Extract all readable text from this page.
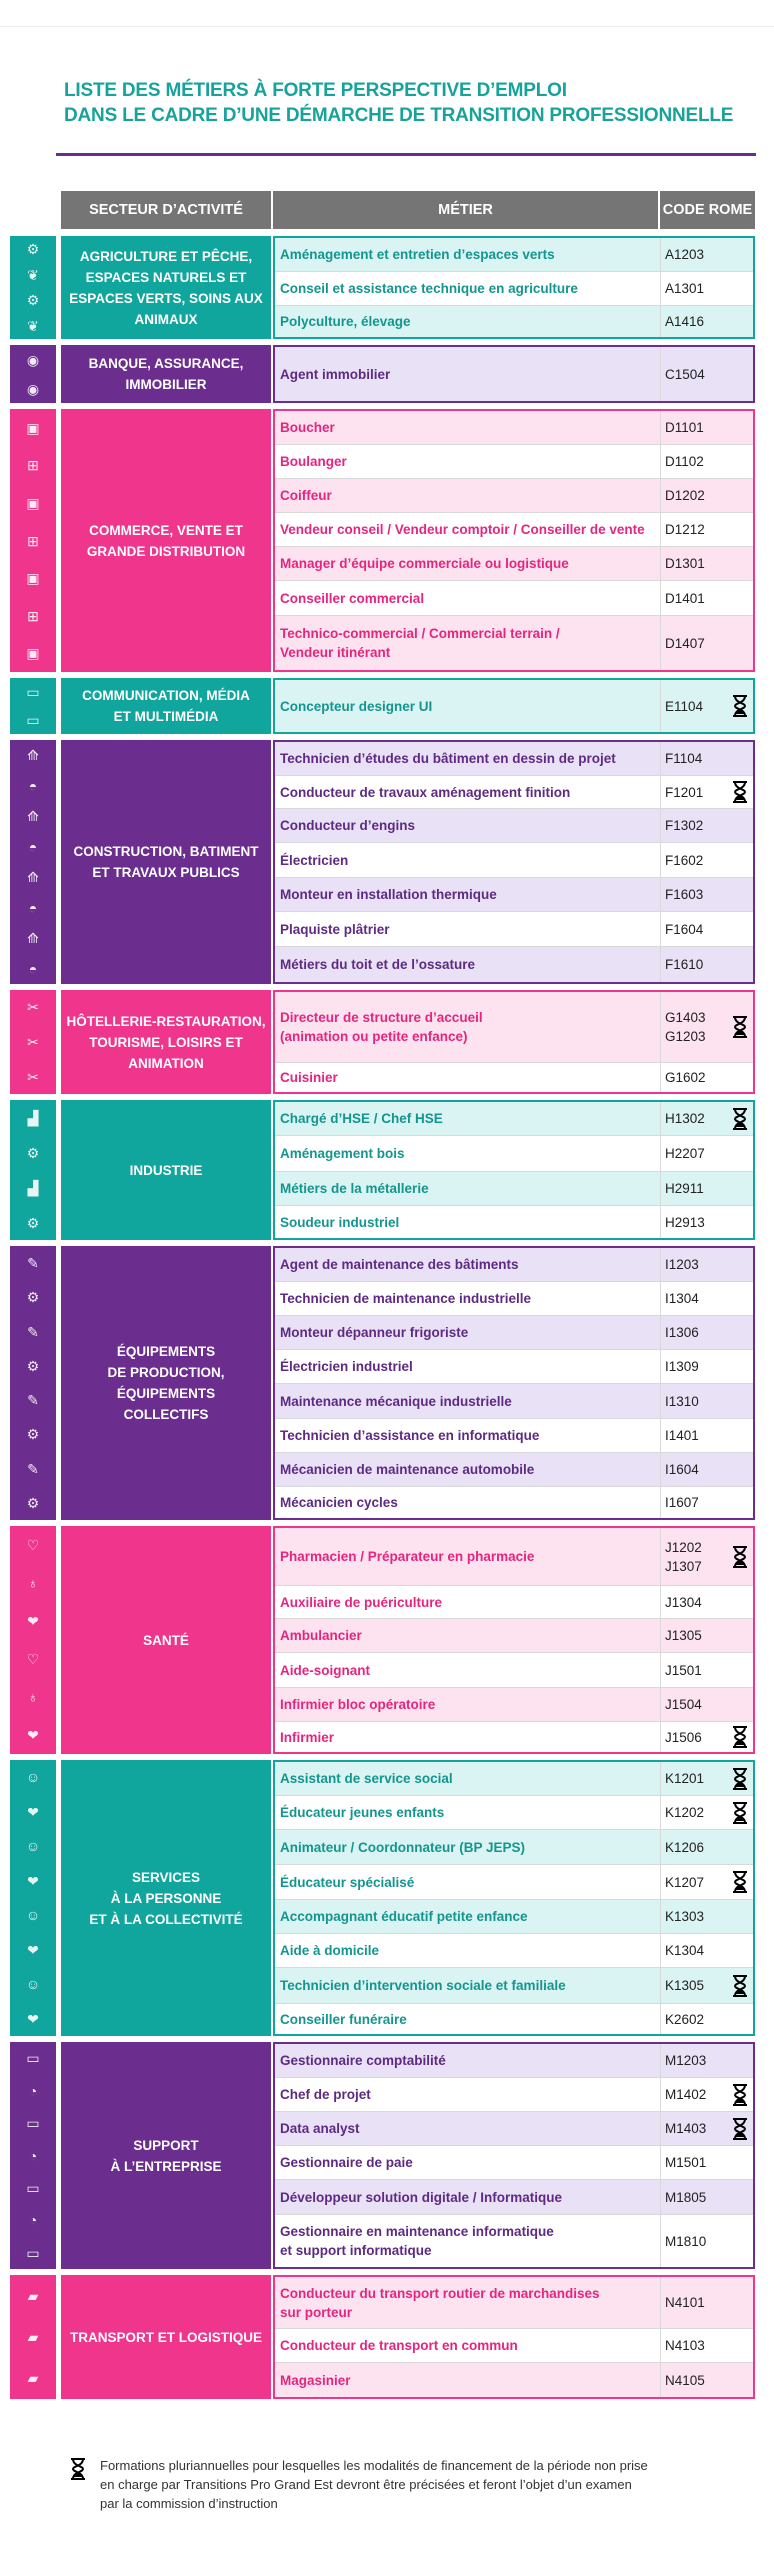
LISTE DES MÉTIERS À FORTE PERSPECTIVE D’EMPLOI
DANS LE CADRE D’UNE DÉMARCHE DE TRANSITION PROFESSIONNELLE
SECTEUR D’ACTIVITÉ	MÉTIER	CODE ROME
⚙
❦
⚙
❦
AGRICULTURE ET PÊCHE,
ESPACES NATURELS ET
ESPACES VERTS, SOINS AUX
ANIMAUX
Aménagement et entretien d’espaces verts	A1203
Conseil et assistance technique en agriculture	A1301
Polyculture, élevage	A1416
◉
◉
BANQUE, ASSURANCE,
IMMOBILIER
Agent immobilier	C1504
▣
⊞
▣
⊞
▣
⊞
▣
COMMERCE, VENTE ET
GRANDE DISTRIBUTION
Boucher	D1101
Boulanger	D1102
Coiffeur	D1202
Vendeur conseil / Vendeur comptoir / Conseiller de vente D1212
Manager d’équipe commerciale ou logistique	D1301
Conseiller commercial	D1401
Technico-commercial / Commercial terrain /
Vendeur itinérant
D1407
▭
▭
COMMUNICATION, MÉDIA
ET MULTIMÉDIA
Concepteur designer UI	E1104
⟰
◓
⟰
◓
⟰
◓
⟰
◓
CONSTRUCTION, BATIMENT
ET TRAVAUX PUBLICS
Technicien d’études du bâtiment en dessin de projet	F1104
Conducteur de travaux aménagement finition	F1201
Conducteur d’engins	F1302
Électricien	F1602
Monteur en installation thermique	F1603
Plaquiste plâtrier	F1604
Métiers du toit et de l’ossature	F1610
✂
✂
✂
HÔTELLERIE-RESTAURATION,
TOURISME, LOISIRS ET
ANIMATION
Directeur de structure d’accueil
(animation ou petite enfance)
G1403
G1203
Cuisinier	G1602
▟
⚙
▟
⚙
INDUSTRIE
Chargé d’HSE / Chef HSE	H1302
Aménagement bois	H2207
Métiers de la métallerie	H2911
Soudeur industriel	H2913
✎
⚙
✎
⚙
✎
⚙
✎
⚙
ÉQUIPEMENTS
DE PRODUCTION,
ÉQUIPEMENTS
COLLECTIFS
Agent de maintenance des bâtiments	I1203
Technicien de maintenance industrielle	I1304
Monteur dépanneur frigoriste	I1306
Électricien industriel	I1309
Maintenance mécanique industrielle	I1310
Technicien d’assistance en informatique	I1401
Mécanicien de maintenance automobile	I1604
Mécanicien cycles	I1607
♡
♁
❤
♡
♁
❤
SANTÉ
Pharmacien / Préparateur en pharmacie
J1202
J1307
Auxiliaire de puériculture	J1304
Ambulancier	J1305
Aide-soignant	J1501
Infirmier bloc opératoire	J1504
Infirmier	J1506
☺
❤
☺
❤
☺
❤
☺
❤
SERVICES
À LA PERSONNE
ET À LA COLLECTIVITÉ
Assistant de service social	K1201
Éducateur jeunes enfants	K1202
Animateur / Coordonnateur (BP JEPS)	K1206
Éducateur spécialisé	K1207
Accompagnant éducatif petite enfance	K1303
Aide à domicile	K1304
Technicien d’intervention sociale et familiale	K1305
Conseiller funéraire	K2602
▭
◔
▭
◔
▭
◔
▭
SUPPORT
À L’ENTREPRISE
Gestionnaire comptabilité	M1203
Chef de projet	M1402
Data analyst	M1403
Gestionnaire de paie	M1501
Développeur solution digitale / Informatique	M1805
Gestionnaire en maintenance informatique
et support informatique
M1810
▰
▰
▰
TRANSPORT ET LOGISTIQUE
Conducteur du transport routier de marchandises
sur porteur
N4101
Conducteur de transport en commun	N4103
Magasinier	N4105
Formations pluriannuelles pour lesquelles les modalités de financement de la période non prise
en charge par Transitions Pro Grand Est devront être précisées et feront l’objet d’un examen
par la commission d’instruction
